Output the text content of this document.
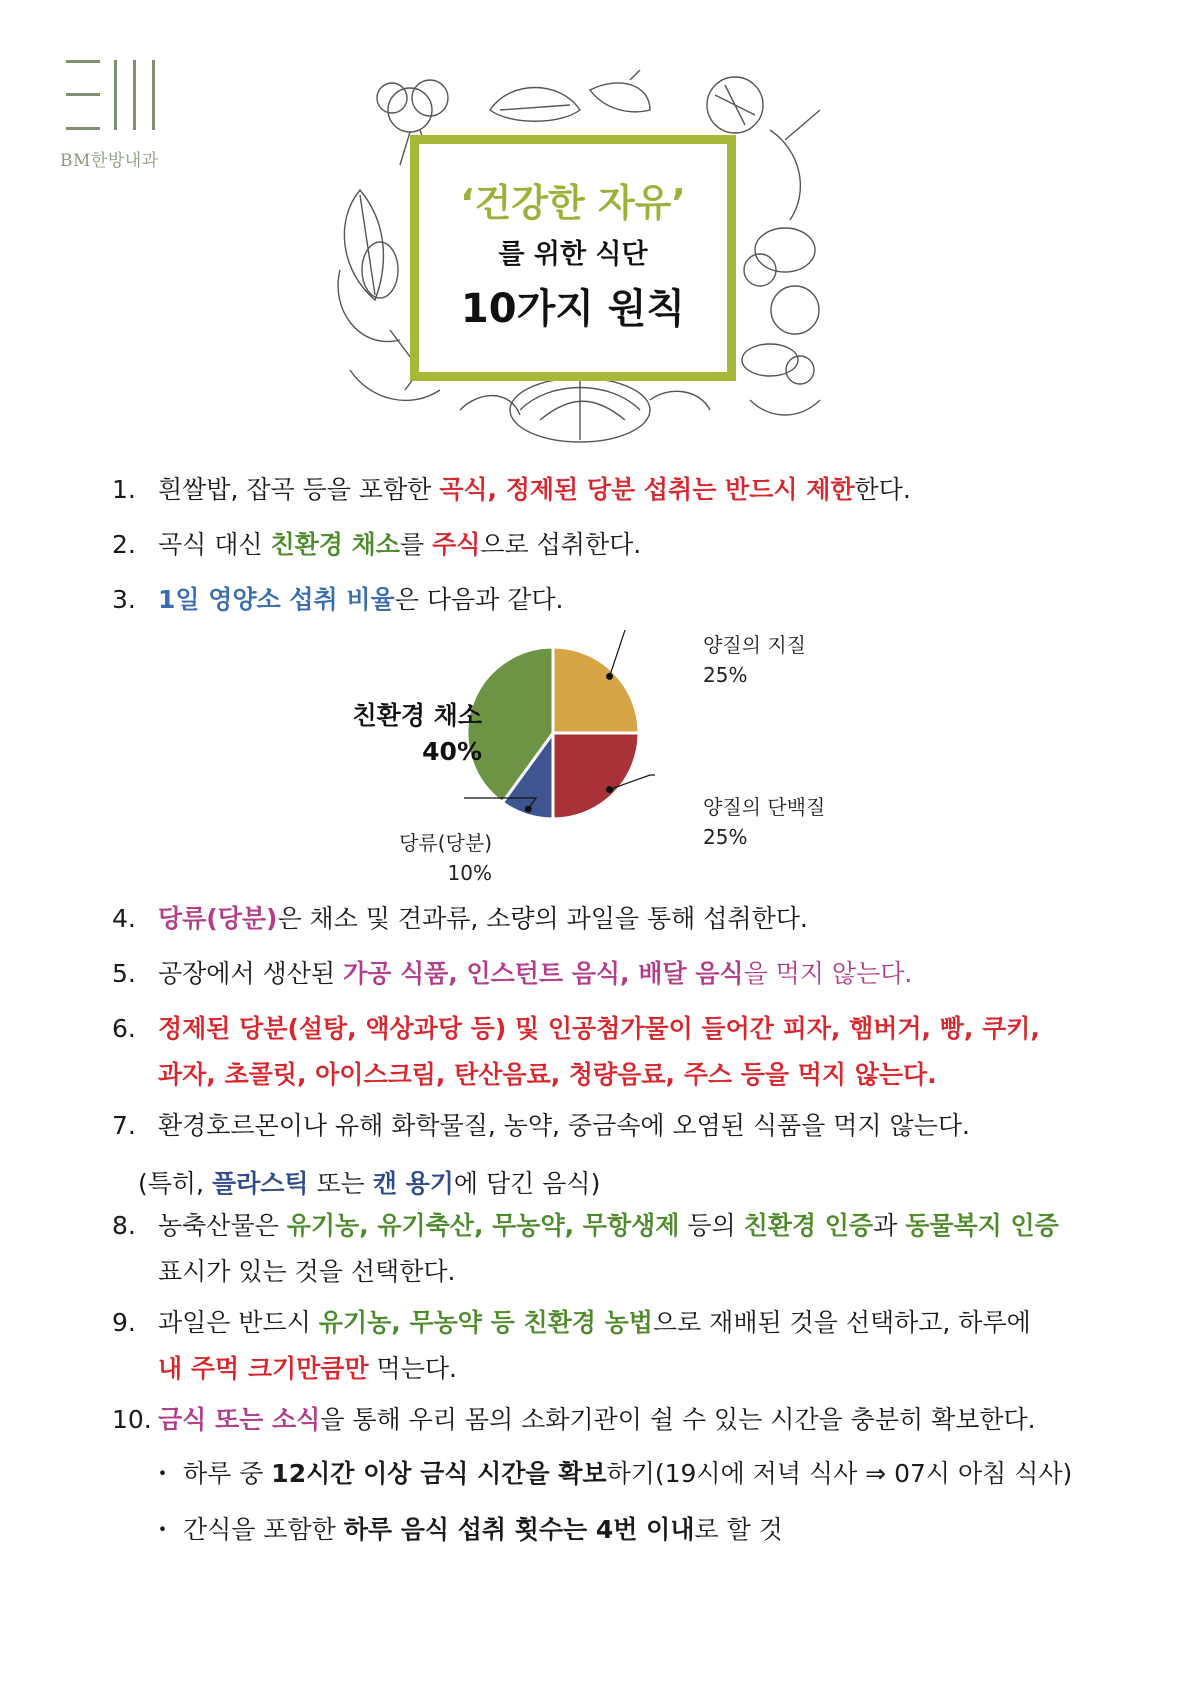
BM한방내과
‘건강한 자유’
를 위한 식단
10가지 원칙
1. 흰쌀밥, 잡곡 등을 포함한 곡식, 정제된 당분 섭취는 반드시 제한한다.
2. 곡식 대신 친환경 채소를 주식으로 섭취한다.
3. 1일 영양소 섭취 비율은 다음과 같다.
4. 당류(당분)은 채소 및 견과류, 소량의 과일을 통해 섭취한다.
5. 공장에서 생산된 가공 식품, 인스턴트 음식, 배달 음식을 먹지 않는다.
6. 정제된 당분(설탕, 액상과당 등) 및 인공첨가물이 들어간 피자, 햄버거, 빵, 쿠키,
과자, 초콜릿, 아이스크림, 탄산음료, 청량음료, 주스 등을 먹지 않는다.
7. 환경호르몬이나 유해 화학물질, 농약, 중금속에 오염된 식품을 먹지 않는다.
(특히, 플라스틱 또는 캔 용기에 담긴 음식)
8. 농축산물은 유기농, 유기축산, 무농약, 무항생제 등의 친환경 인증과 동물복지 인증
표시가 있는 것을 선택한다.
9. 과일은 반드시 유기농, 무농약 등 친환경 농법으로 재배된 것을 선택하고, 하루에
내 주먹 크기만큼만 먹는다.
10. 금식 또는 소식을 통해 우리 몸의 소화기관이 쉴 수 있는 시간을 충분히 확보한다.
・ 하루 중 12시간 이상 금식 시간을 확보하기(19시에 저녁 식사 ⇒ 07시 아침 식사)
・ 간식을 포함한 하루 음식 섭취 횟수는 4번 이내로 할 것
양질의 지질
25%
양질의 단백질
25%
당류(당분)
10%
친환경 채소
40%
